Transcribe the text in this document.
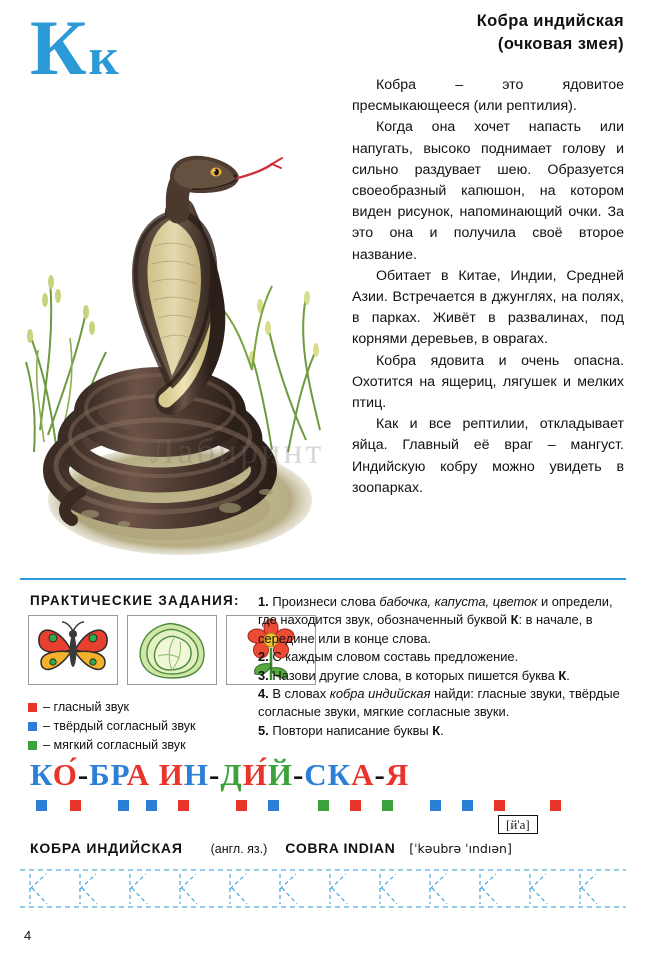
Кк
Кобра индийская
(очковая змея)

Кобра – это ядовитое пресмыкающееся (или рептилия).

Когда она хочет напасть или напугать, высоко поднимает голову и сильно раздувает шею. Образуется своеобразный капюшон, на котором виден рисунок, напоминающий очки. За это она и получила своё второе название.

Обитает в Китае, Индии, Средней Азии. Встречается в джунглях, на полях, в парках. Живёт в развалинах, под корнями деревьев, в оврагах.

Кобра ядовита и очень опасна. Охотится на ящериц, лягушек и мелких птиц.

Как и все рептилии, откладывает яйца. Главный её враг – мангуст. Индийскую кобру можно увидеть в зоопарках.

Лабиринт
ПРАКТИЧЕСКИЕ ЗАДАНИЯ:
– гласный звук
– твёрдый согласный звук
– мягкий согласный звук

1. Произнеси слова бабочка, капуста, цветок и определи, где находится звук, обозначенный буквой К: в начале, в середине или в конце слова.

2. С каждым словом составь предложение.

3. Назови другие слова, в которых пишется буква К.

4. В словах кобра индийская найди: гласные звуки, твёрдые согласные звуки, мягкие согласные звуки.

5. Повтори написание буквы К.

КО́-БРА ИН-ДИ́Й-СКА-Я
[й'а]
КОБРА ИНДИЙСКАЯ (англ. яз.) COBRA INDIAN [ˈkəubrə ˈındıən]
4
